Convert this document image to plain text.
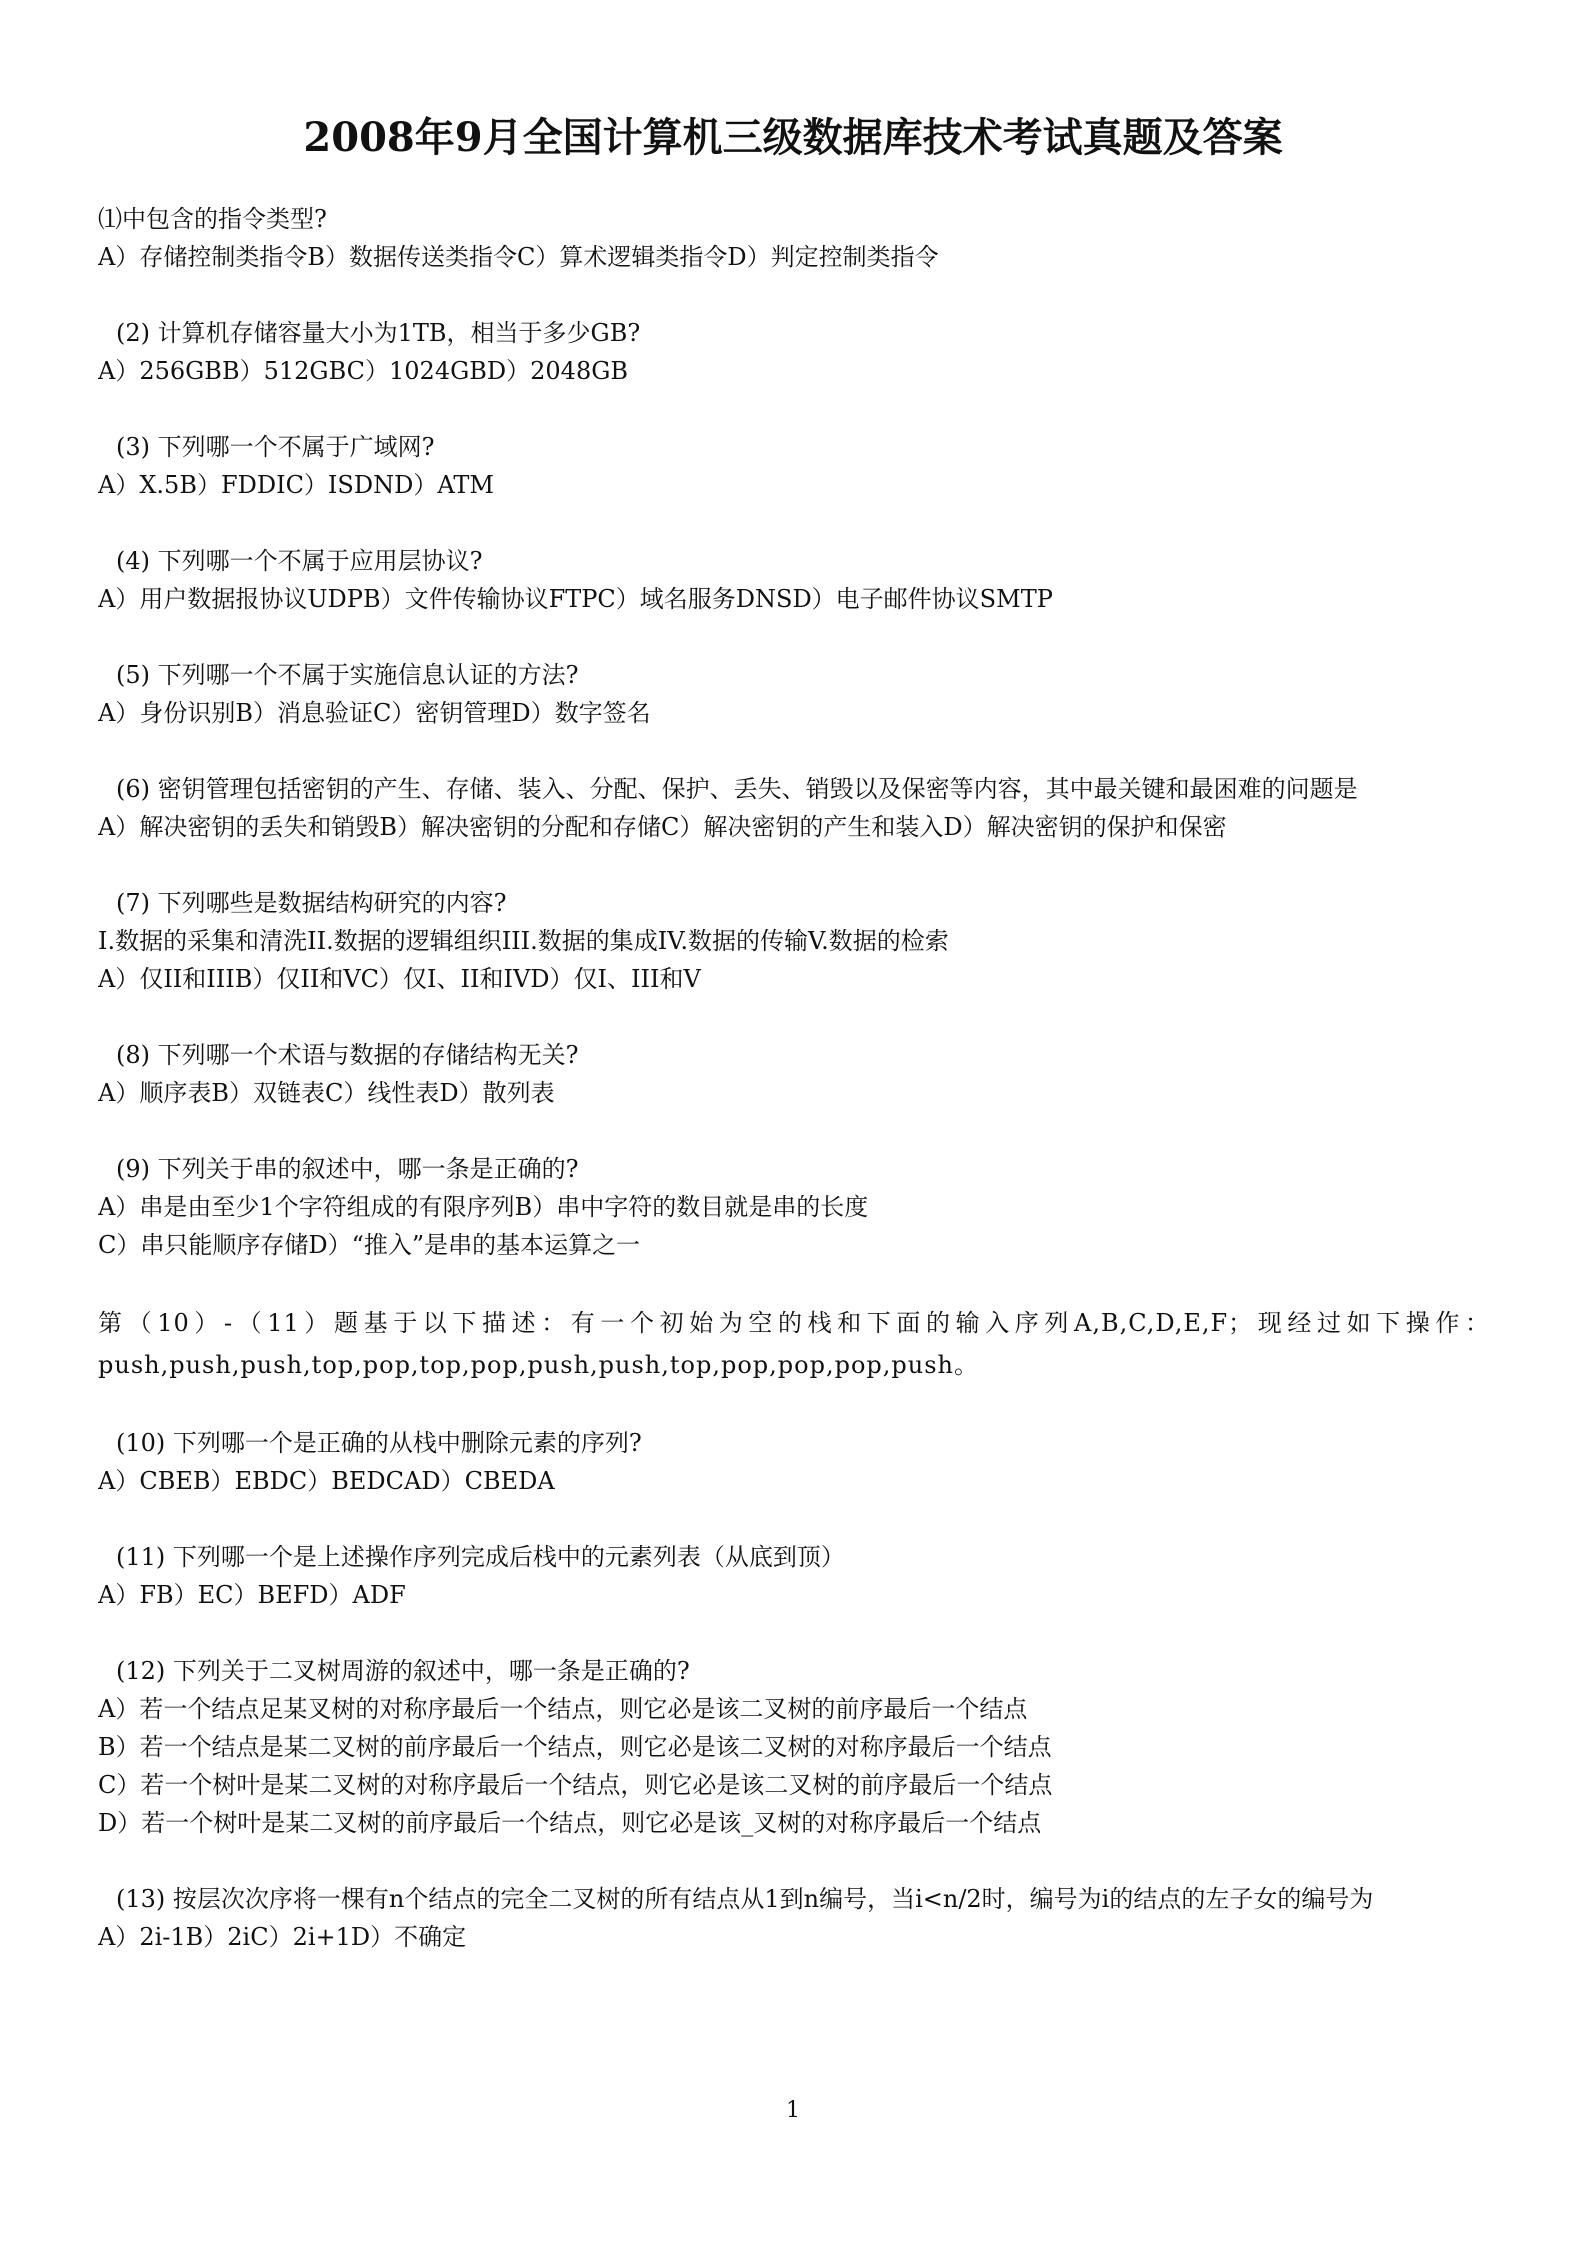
2008年9月全国计算机三级数据库技术考试真题及答案
⑴中包含的指令类型?
A）存储控制类指令B）数据传送类指令C）算术逻辑类指令D）判定控制类指令
(2) 计算机存储容量大小为1TB，相当于多少GB?
A）256GBB）512GBC）1024GBD）2048GB
(3) 下列哪一个不属于广域网?
A）X.5B）FDDIC）ISDND）ATM
(4) 下列哪一个不属于应用层协议?
A）用户数据报协议UDPB）文件传输协议FTPC）域名服务DNSD）电子邮件协议SMTP
(5) 下列哪一个不属于实施信息认证的方法?
A）身份识别B）消息验证C）密钥管理D）数字签名
(6) 密钥管理包括密钥的产生、存储、装入、分配、保护、丢失、销毁以及保密等内容，其中最关键和最困难的问题是
A）解决密钥的丢失和销毁B）解决密钥的分配和存储C）解决密钥的产生和装入D）解决密钥的保护和保密
(7) 下列哪些是数据结构研究的内容?
I.数据的采集和清洗II.数据的逻辑组织III.数据的集成IV.数据的传输V.数据的检索
A）仅II和IIIB）仅II和VC）仅I、II和IVD）仅I、III和V
(8) 下列哪一个术语与数据的存储结构无关?
A）顺序表B）双链表C）线性表D）散列表
(9) 下列关于串的叙述中，哪一条是正确的?
A）串是由至少1个字符组成的有限序列B）串中字符的数目就是串的长度
C）串只能顺序存储D）“推入”是串的基本运算之一
第（10）-（11）题基于以下描述：有一个初始为空的栈和下面的输入序列A,B,C,D,E,F；现经过如下操作：push,push,push,top,pop,top,pop,push,push,top,pop,pop,pop,push。
(10) 下列哪一个是正确的从栈中删除元素的序列?
A）CBEB）EBDC）BEDCAD）CBEDA
(11) 下列哪一个是上述操作序列完成后栈中的元素列表（从底到顶）
A）FB）EC）BEFD）ADF
(12) 下列关于二叉树周游的叙述中，哪一条是正确的?
A）若一个结点足某叉树的对称序最后一个结点，则它必是该二叉树的前序最后一个结点
B）若一个结点是某二叉树的前序最后一个结点，则它必是该二叉树的对称序最后一个结点
C）若一个树叶是某二叉树的对称序最后一个结点，则它必是该二叉树的前序最后一个结点
D）若一个树叶是某二叉树的前序最后一个结点，则它必是该_叉树的对称序最后一个结点
(13) 按层次次序将一棵有n个结点的完全二叉树的所有结点从1到n编号，当i<n/2时，编号为i的结点的左子女的编号为
A）2i-1B）2iC）2i+1D）不确定
1
